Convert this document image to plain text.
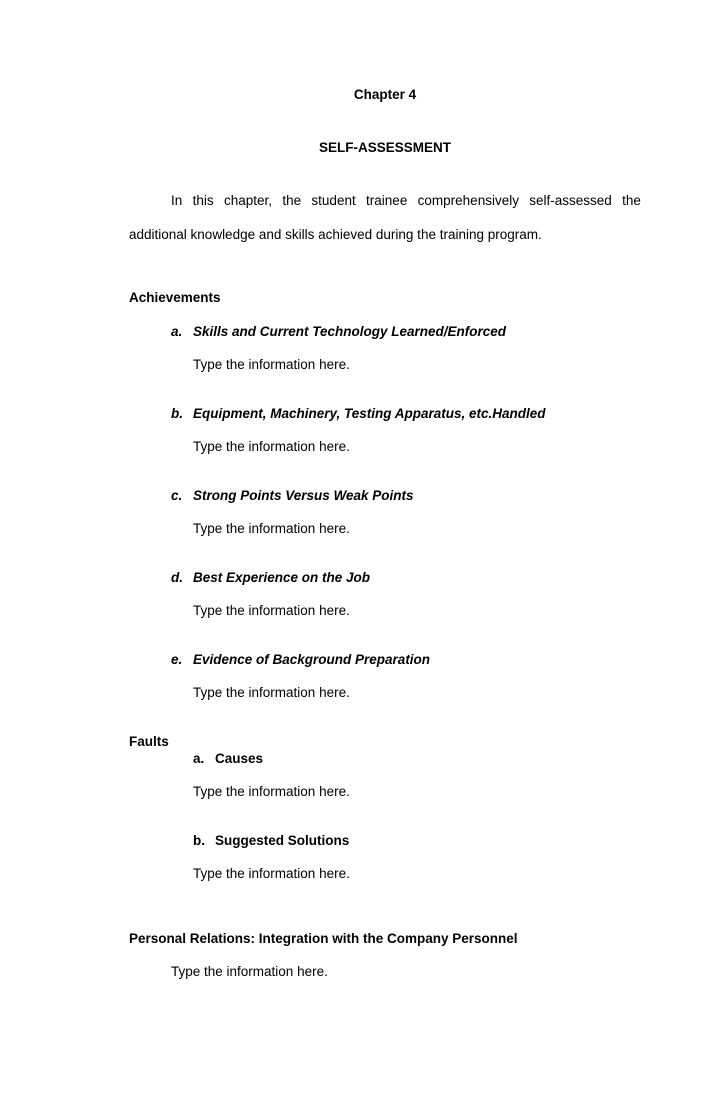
Chapter 4
SELF-ASSESSMENT
In this chapter, the student trainee comprehensively self-assessed the
additional knowledge and skills achieved during the training program.
Achievements
a. Skills and Current Technology Learned/Enforced
Type the information here.
b. Equipment, Machinery, Testing Apparatus, etc.Handled
Type the information here.
c. Strong Points Versus Weak Points
Type the information here.
d. Best Experience on the Job
Type the information here.
e. Evidence of Background Preparation
Type the information here.
Faults
a. Causes
Type the information here.
b. Suggested Solutions
Type the information here.
Personal Relations: Integration with the Company Personnel
Type the information here.
